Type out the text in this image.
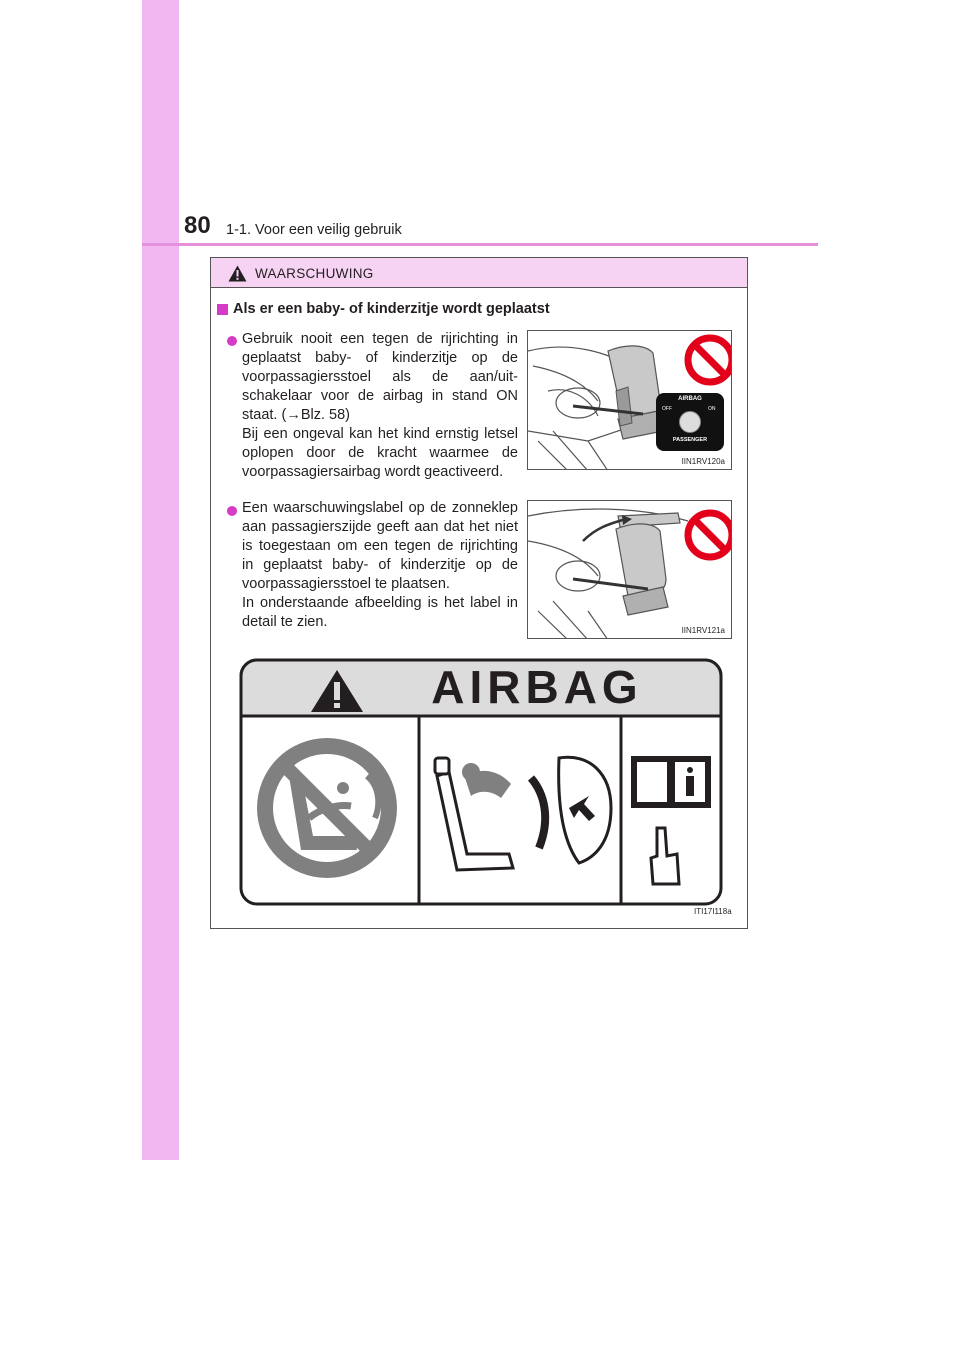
80 1-1. Voor een veilig gebruik
WAARSCHUWING
Als er een baby- of kinderzitje wordt geplaatst

Gebruik nooit een tegen de rijrichting in geplaatst baby- of kinderzitje op de voorpassagiersstoel als de aan/uit-schakelaar voor de airbag in stand ON staat. (→Blz. 58)

Bij een ongeval kan het kind ernstig letsel oplopen door de kracht waarmee de voorpassagiersairbag wordt geactiveerd.

AIRBAG
OFF	ON
PASSENGER
IIN1RV120a

Een waarschuwingslabel op de zonneklep aan passagierszijde geeft aan dat het niet is toegestaan om een tegen de rijrichting in geplaatst baby- of kinderzitje op de voorpassagiersstoel te plaatsen.

In onderstaande afbeelding is het label in detail te zien.

IIN1RV121a
AIRBAG
ITI17I118a
